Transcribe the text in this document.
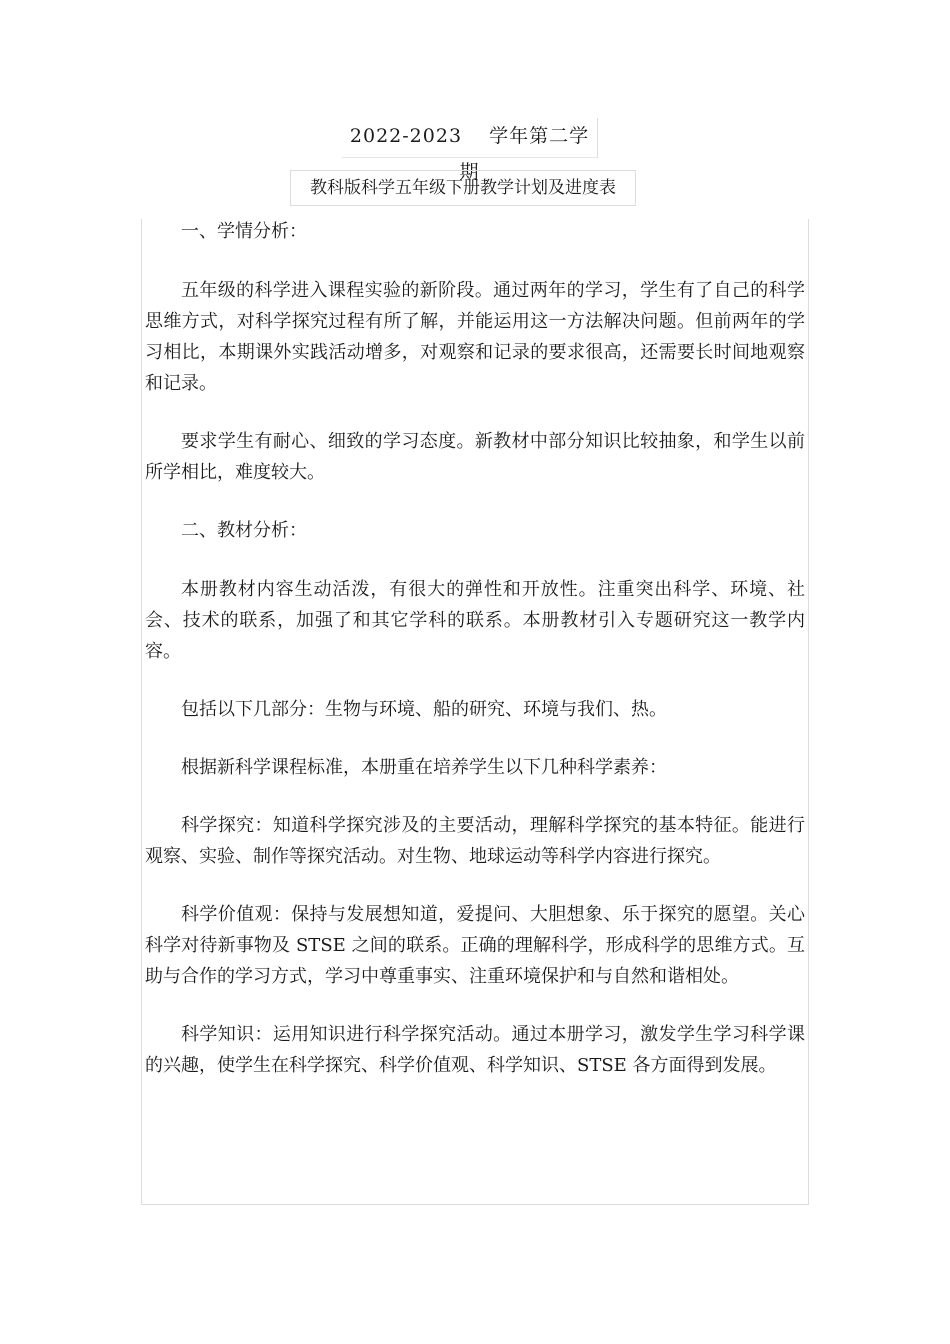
2022-2023　 学年第二学期
教科版科学五年级下册教学计划及进度表

一、学情分析：

五年级的科学进入课程实验的新阶段。通过两年的学习，学生有了自己的科学思维方式，对科学探究过程有所了解，并能运用这一方法解决问题。但前两年的学习相比，本期课外实践活动增多，对观察和记录的要求很高，还需要长时间地观察和记录。

要求学生有耐心、细致的学习态度。新教材中部分知识比较抽象，和学生以前所学相比，难度较大。

二、教材分析：

本册教材内容生动活泼，有很大的弹性和开放性。注重突出科学、环境、社会、技术的联系，加强了和其它学科的联系。本册教材引入专题研究这一教学内容。

包括以下几部分：生物与环境、船的研究、环境与我们、热。

根据新科学课程标准，本册重在培养学生以下几种科学素养：

科学探究：知道科学探究涉及的主要活动，理解科学探究的基本特征。能进行观察、实验、制作等探究活动。对生物、地球运动等科学内容进行探究。

科学价值观：保持与发展想知道，爱提问、大胆想象、乐于探究的愿望。关心科学对待新事物及 STSE 之间的联系。正确的理解科学，形成科学的思维方式。互助与合作的学习方式，学习中尊重事实、注重环境保护和与自然和谐相处。

科学知识：运用知识进行科学探究活动。通过本册学习，激发学生学习科学课的兴趣，使学生在科学探究、科学价值观、科学知识、STSE 各方面得到发展。
